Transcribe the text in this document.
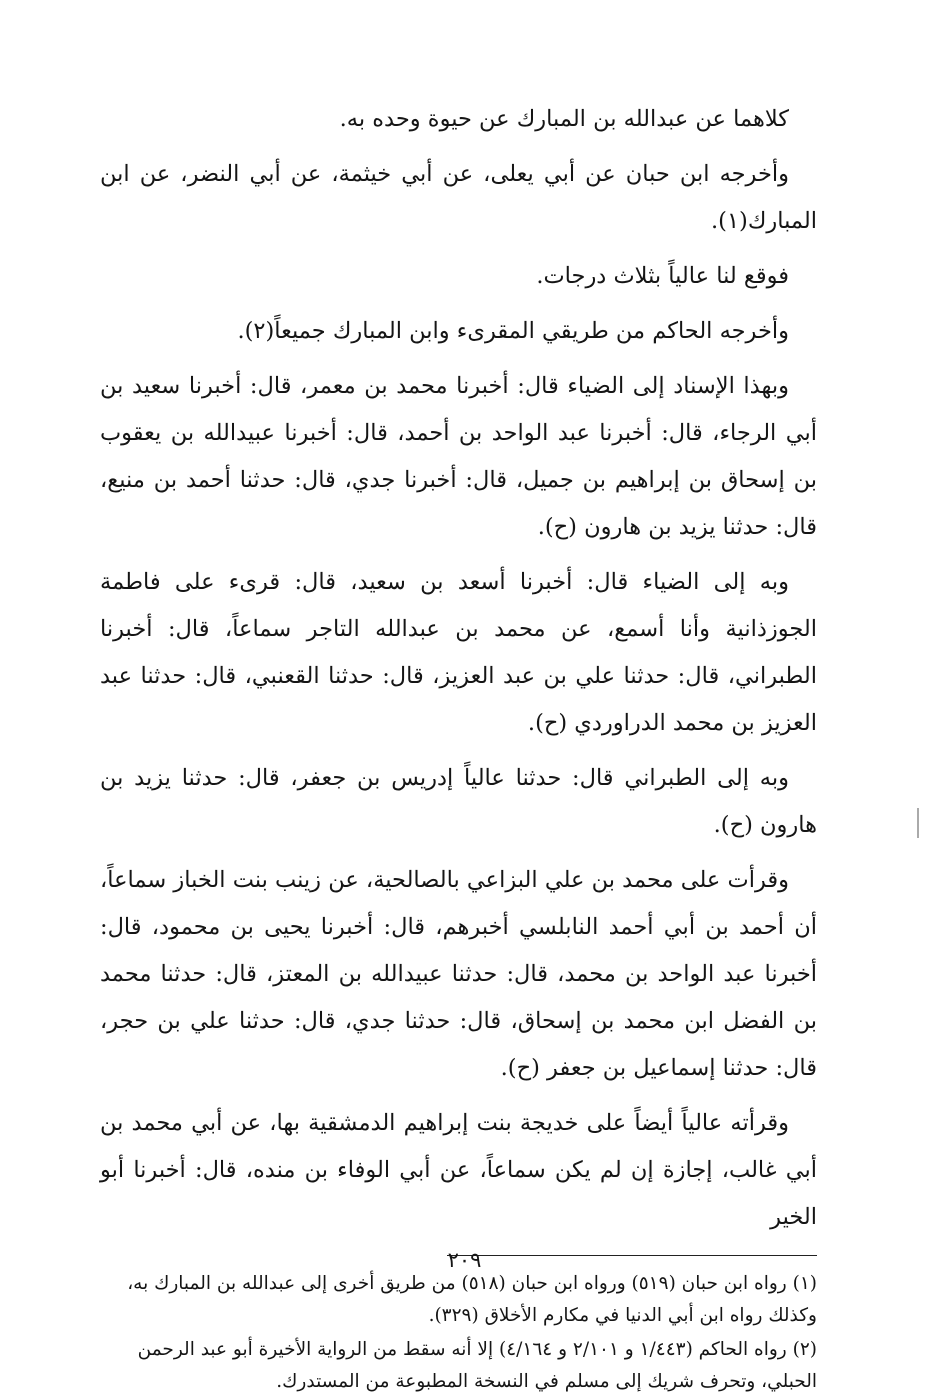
كلاهما عن عبدالله بن المبارك عن حيوة وحده به.

وأخرجه ابن حبان عن أبي يعلى، عن أبي خيثمة، عن أبي النضر، عن ابن المبارك(١).

فوقع لنا عالياً بثلاث درجات.

وأخرجه الحاكم من طريقي المقرىء وابن المبارك جميعاً(٢).

وبهذا الإسناد إلى الضياء قال: أخبرنا محمد بن معمر، قال: أخبرنا سعيد بن أبي الرجاء، قال: أخبرنا عبد الواحد بن أحمد، قال: أخبرنا عبيدالله بن يعقوب بن إسحاق بن إبراهيم بن جميل، قال: أخبرنا جدي، قال: حدثنا أحمد بن منيع، قال: حدثنا يزيد بن هارون (ح).

وبه إلى الضياء قال: أخبرنا أسعد بن سعيد، قال: قرىء على فاطمة الجوزذانية وأنا أسمع، عن محمد بن عبدالله التاجر سماعاً، قال: أخبرنا الطبراني، قال: حدثنا علي بن عبد العزيز، قال: حدثنا القعنبي، قال: حدثنا عبد العزيز بن محمد الدراوردي (ح).

وبه إلى الطبراني قال: حدثنا عالياً إدريس بن جعفر، قال: حدثنا يزيد بن هارون (ح).

وقرأت على محمد بن علي البزاعي بالصالحية، عن زينب بنت الخباز سماعاً، أن أحمد بن أبي أحمد النابلسي أخبرهم، قال: أخبرنا يحيى بن محمود، قال: أخبرنا عبد الواحد بن محمد، قال: حدثنا عبيدالله بن المعتز، قال: حدثنا محمد بن الفضل ابن محمد بن إسحاق، قال: حدثنا جدي، قال: حدثنا علي بن حجر، قال: حدثنا إسماعيل بن جعفر (ح).

وقرأته عالياً أيضاً على خديجة بنت إبراهيم الدمشقية بها، عن أبي محمد بن أبي غالب، إجازة إن لم يكن سماعاً، عن أبي الوفاء بن منده، قال: أخبرنا أبو الخير

(١) رواه ابن حبان (٥١٩) ورواه ابن حبان (٥١٨) من طريق أخرى إلى عبدالله بن المبارك به، وكذلك رواه ابن أبي الدنيا في مكارم الأخلاق (٣٢٩).

(٢) رواه الحاكم (١/٤٤٣ و ٢/١٠١ و ٤/١٦٤) إلا أنه سقط من الرواية الأخيرة أبو عبد الرحمن الحبلي، وتحرف شريك إلى مسلم في النسخة المطبوعة من المستدرك.

٢٠٩
